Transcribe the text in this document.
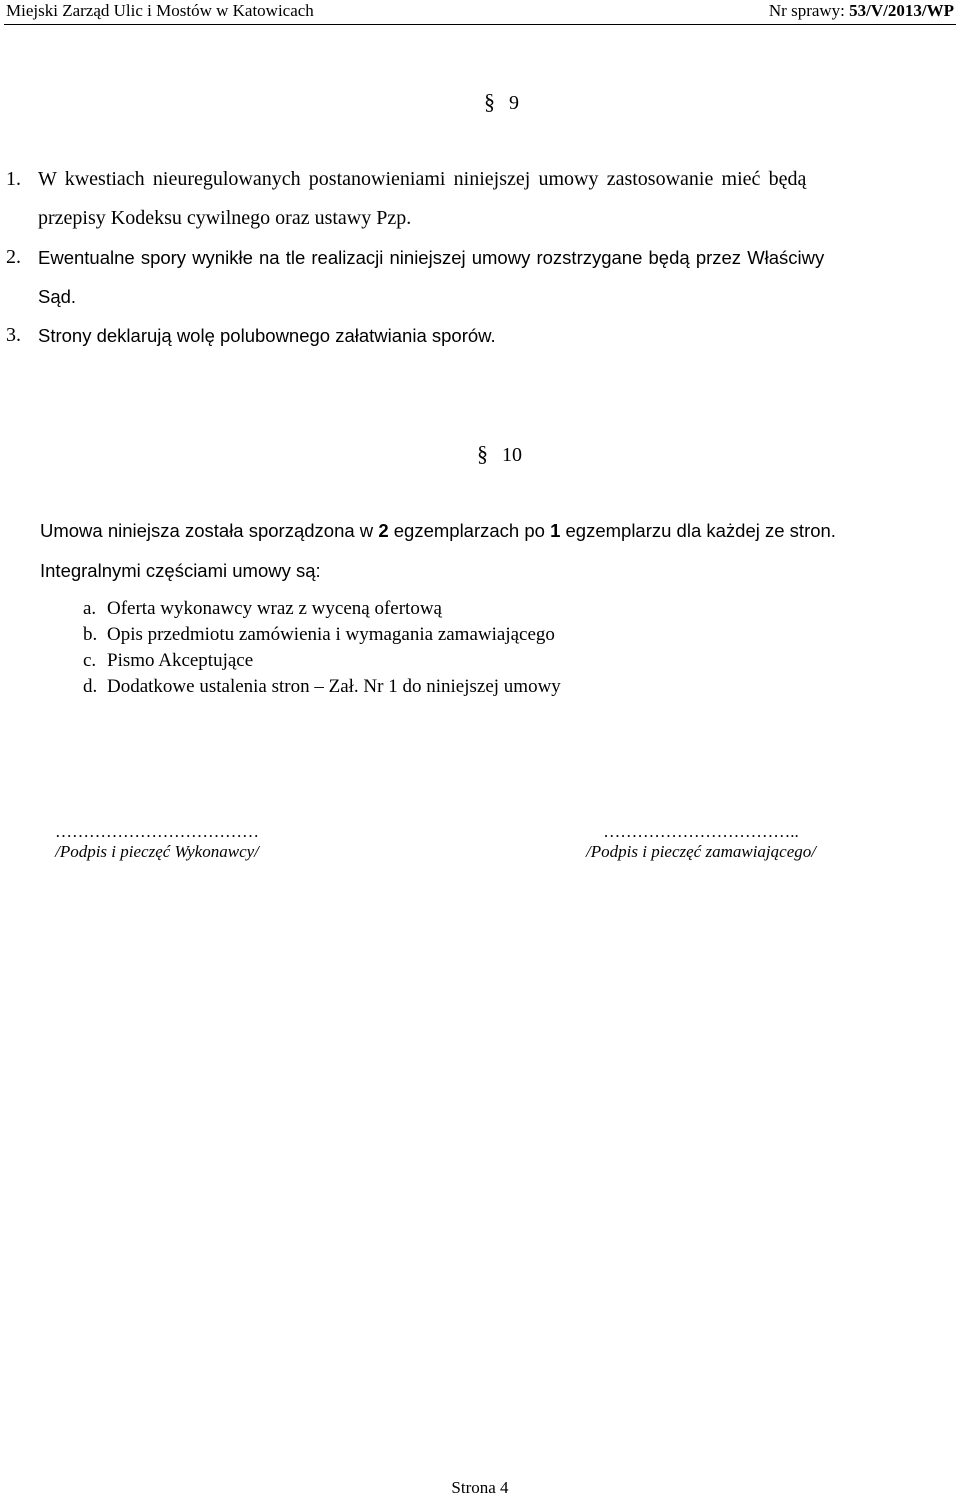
Miejski Zarząd Ulic i Mostów w Katowicach	Nr sprawy: 53/V/2013/WP
§ 9
1. W kwestiach nieuregulowanych postanowieniami niniejszej umowy zastosowanie mieć będą
przepisy Kodeksu cywilnego oraz ustawy Pzp.
2. Ewentualne spory wynikłe na tle realizacji niniejszej umowy rozstrzygane będą przez Właściwy
Sąd.
3. Strony deklarują wolę polubownego załatwiania sporów.
§ 10
Umowa niniejsza została sporządzona w 2 egzemplarzach po 1 egzemplarzu dla każdej ze stron.
Integralnymi częściami umowy są:
a. Oferta wykonawcy wraz z wyceną ofertową
b. Opis przedmiotu zamówienia i wymagania zamawiającego
c. Pismo Akceptujące
d. Dodatkowe ustalenia stron – Zał. Nr 1 do niniejszej umowy
………………………………
/Podpis i pieczęć Wykonawcy/
……………………………..
/Podpis i pieczęć zamawiającego/
Strona 4
